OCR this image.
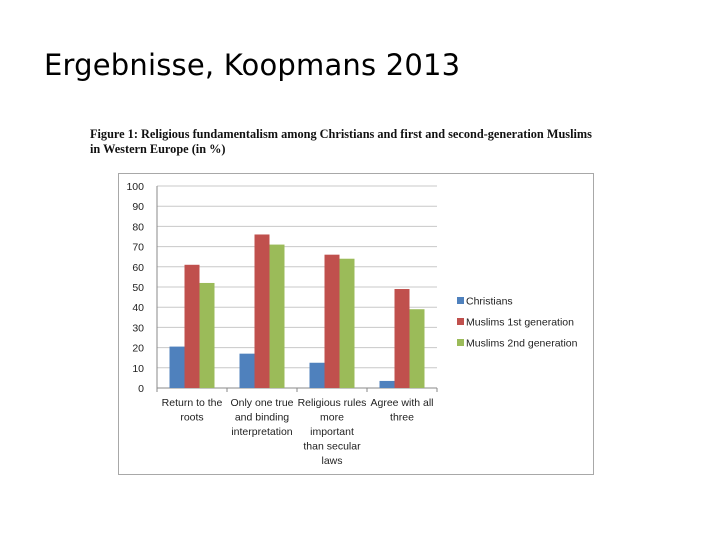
Ergebnisse, Koopmans 2013
Figure 1: Religious fundamentalism among Christians and first and second-generation Muslims
in Western Europe (in %)
0
10
20
30
40
50
60
70
80
90
100
Return to the roots
Only one true and binding interpretation
Religious rules more important than secular laws
Agree with all three
Christians
Muslims 1st generation
Muslims 2nd generation
